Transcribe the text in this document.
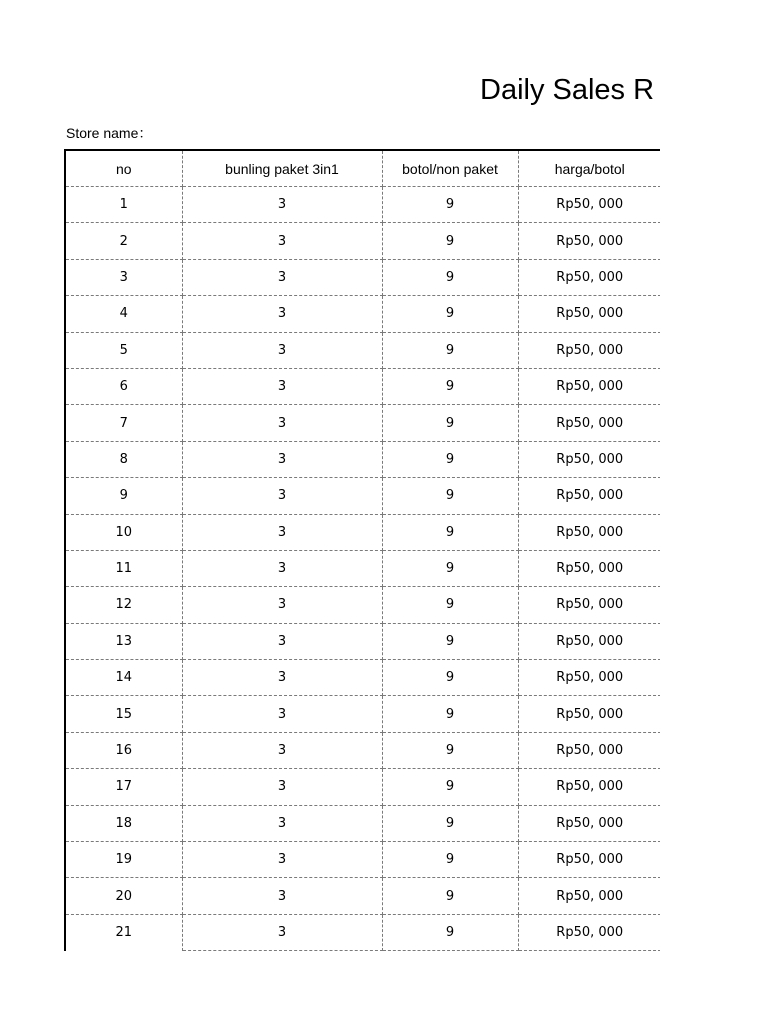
Daily Sales R
Store name：
no	bunling paket 3in1	botol/non paket	harga/botol
1	3	9	Rp50, 000
2	3	9	Rp50, 000
3	3	9	Rp50, 000
4	3	9	Rp50, 000
5	3	9	Rp50, 000
6	3	9	Rp50, 000
7	3	9	Rp50, 000
8	3	9	Rp50, 000
9	3	9	Rp50, 000
10	3	9	Rp50, 000
11	3	9	Rp50, 000
12	3	9	Rp50, 000
13	3	9	Rp50, 000
14	3	9	Rp50, 000
15	3	9	Rp50, 000
16	3	9	Rp50, 000
17	3	9	Rp50, 000
18	3	9	Rp50, 000
19	3	9	Rp50, 000
20	3	9	Rp50, 000
21	3	9	Rp50, 000
